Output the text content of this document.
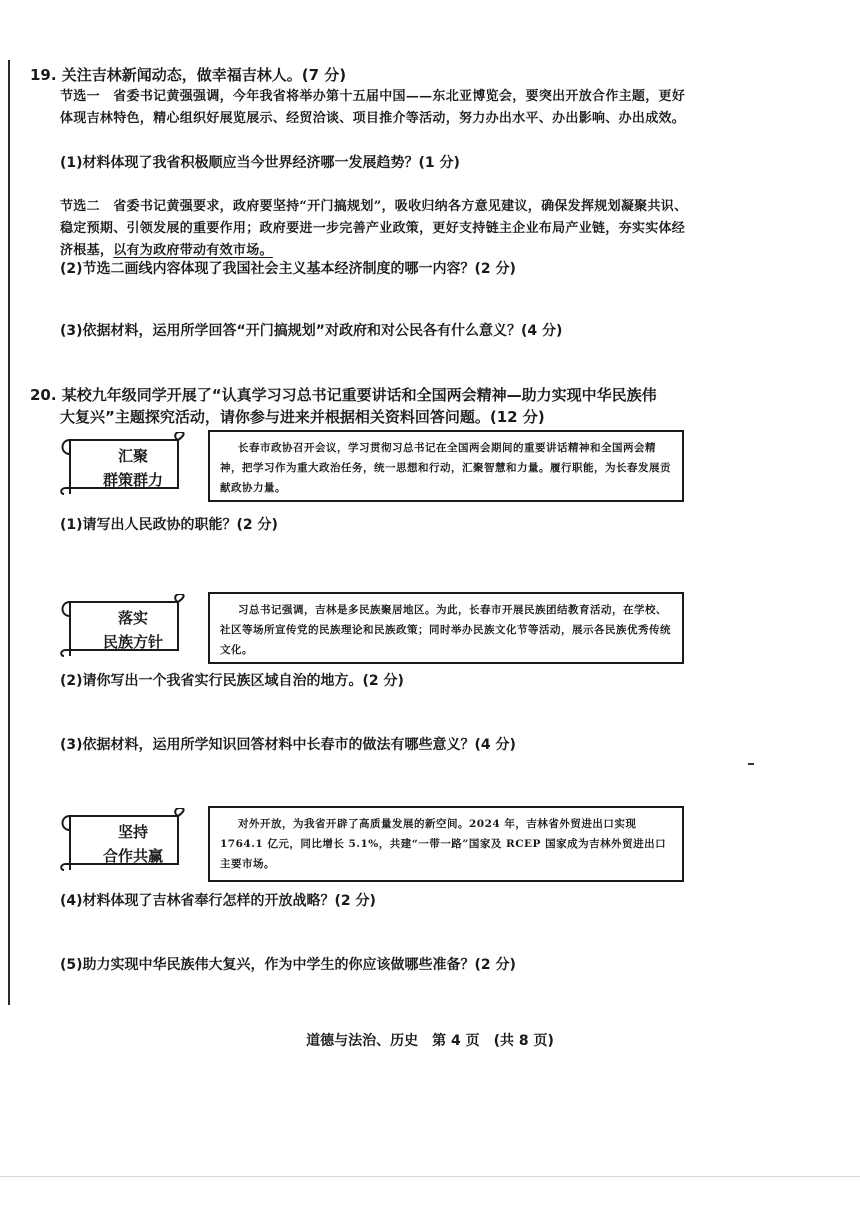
19. 关注吉林新闻动态，做幸福吉林人。(7 分)
节选一  省委书记黄强强调，今年我省将举办第十五届中国——东北亚博览会，要突出开放合作主题，更好体现吉林特色，精心组织好展览展示、经贸洽谈、项目推介等活动，努力办出水平、办出影响、办出成效。
(1)材料体现了我省积极顺应当今世界经济哪一发展趋势？(1 分)
节选二  省委书记黄强要求，政府要坚持“开门搞规划”，吸收归纳各方意见建议，确保发挥规划凝聚共识、稳定预期、引领发展的重要作用；政府要进一步完善产业政策，更好支持链主企业布局产业链，夯实实体经济根基，以有为政府带动有效市场。
(2)节选二画线内容体现了我国社会主义基本经济制度的哪一内容？(2 分)
(3)依据材料，运用所学回答“开门搞规划”对政府和对公民各有什么意义？(4 分)
20. 某校九年级同学开展了“认真学习习总书记重要讲话和全国两会精神—助力实现中华民族伟
大复兴”主题探究活动，请你参与进来并根据相关资料回答问题。(12 分)
汇聚
群策群力
长春市政协召开会议，学习贯彻习总书记在全国两会期间的重要讲话精神和全国两会精神，把学习作为重大政治任务，统一思想和行动，汇聚智慧和力量。履行职能，为长春发展贡献政协力量。
(1)请写出人民政协的职能？(2 分)
落实
民族方针
习总书记强调，吉林是多民族聚居地区。为此，长春市开展民族团结教育活动，在学校、社区等场所宣传党的民族理论和民族政策；同时举办民族文化节等活动，展示各民族优秀传统文化。
(2)请你写出一个我省实行民族区域自治的地方。(2 分)
(3)依据材料，运用所学知识回答材料中长春市的做法有哪些意义？(4 分)
坚持
合作共赢
对外开放，为我省开辟了高质量发展的新空间。2024 年，吉林省外贸进出口实现 1764.1 亿元，同比增长 5.1%，共建“一带一路”国家及 RCEP 国家成为吉林外贸进出口主要市场。
(4)材料体现了吉林省奉行怎样的开放战略？(2 分)
(5)助力实现中华民族伟大复兴，作为中学生的你应该做哪些准备？(2 分)
道德与法治、历史　第 4 页　(共 8 页)
